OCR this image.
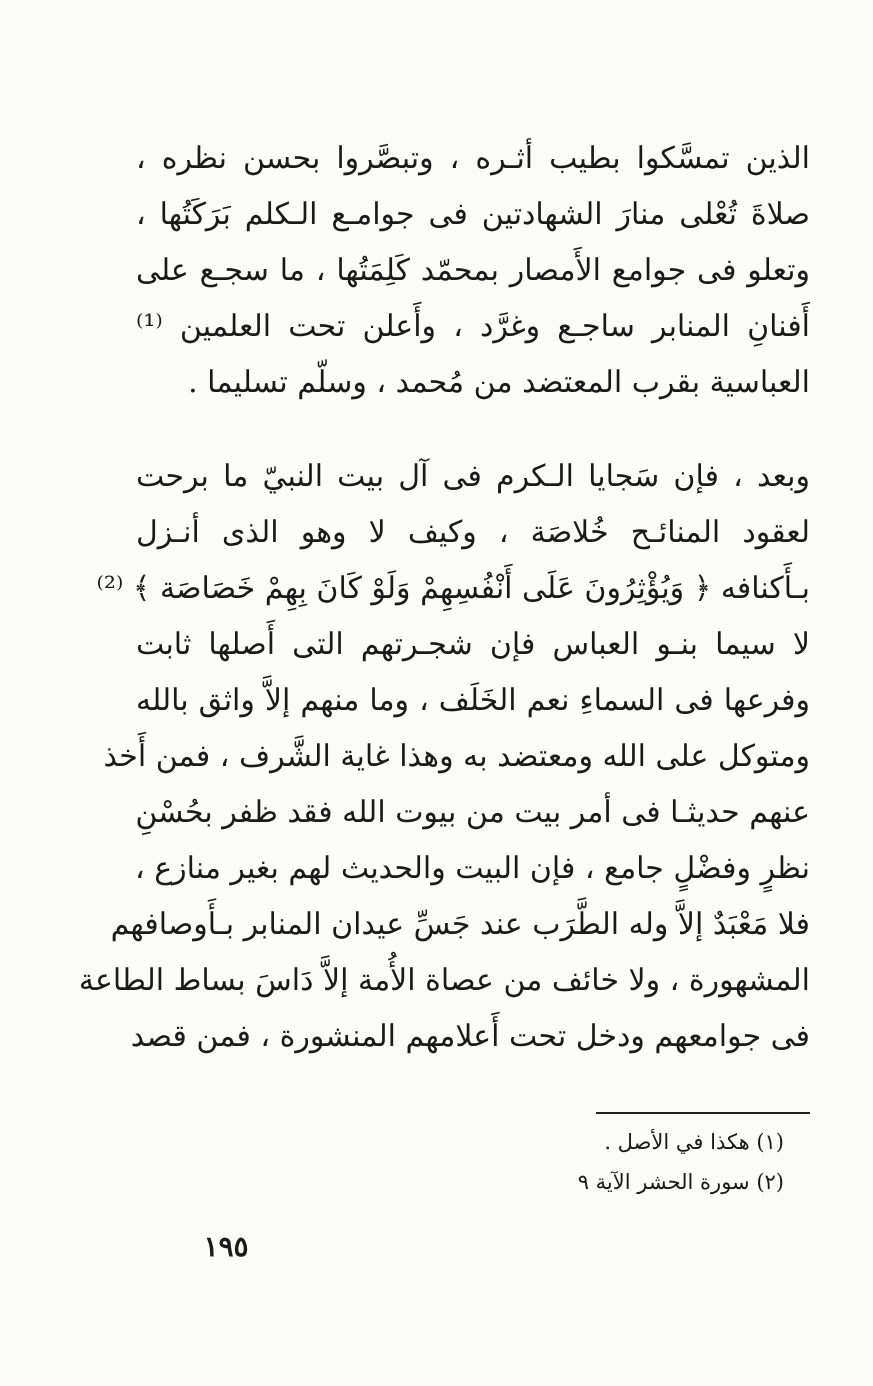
الذين تمسَّكوا بطيب أثـره ، وتبصَّروا بحسن نظره ،
صلاةَ تُعْلى منارَ الشهادتين فى جوامـع الـكلم بَرَكَتُها ،
وتعلو فى جوامع الأَمصار بمحمّد كَلِمَتُها ، ما سجـع على
أَفنانِ المنابر ساجـع وغرَّد ، وأَعلن تحت العلمين ⁽¹⁾
العباسية بقرب المعتضد من مُحمد ، وسلّم تسليما .
وبعد ، فإن سَجايا الـكرم فى آل بيت النبيّ ما برحت
لعقود المنائـح خُلاصَة ، وكيف لا وهو الذى أنـزل
بـأَكنافه ﴿ وَيُؤْثِرُونَ عَلَى أَنْفُسِهِمْ وَلَوْ كَانَ بِهِمْ خَصَاصَة ﴾ ⁽²⁾
لا سيما بنـو العباس فإن شجـرتهم التى أَصلها ثابت
وفرعها فى السماءِ نعم الخَلَف ، وما منهم إلاَّ واثق بالله
ومتوكل على الله ومعتضد به وهذا غاية الشَّرف ، فمن أَخذ
عنهم حديثـا فى أمر بيت من بيوت الله فقد ظفر بحُسْنِ
نظرٍ وفضْلٍ جامع ، فإن البيت والحديث لهم بغير منازع ،
فلا مَعْبَدٌ إلاَّ وله الطَّرَب عند جَسِّ عيدان المنابر بـأَوصافهم
المشهورة ، ولا خائف من عصاة الأُمة إلاَّ دَاسَ بساط الطاعة
فى جوامعهم ودخل تحت أَعلامهم المنشورة ، فمن قصد
(١) هكذا في الأصل .
(٢) سورة الحشر الآية ٩
١٩٥
